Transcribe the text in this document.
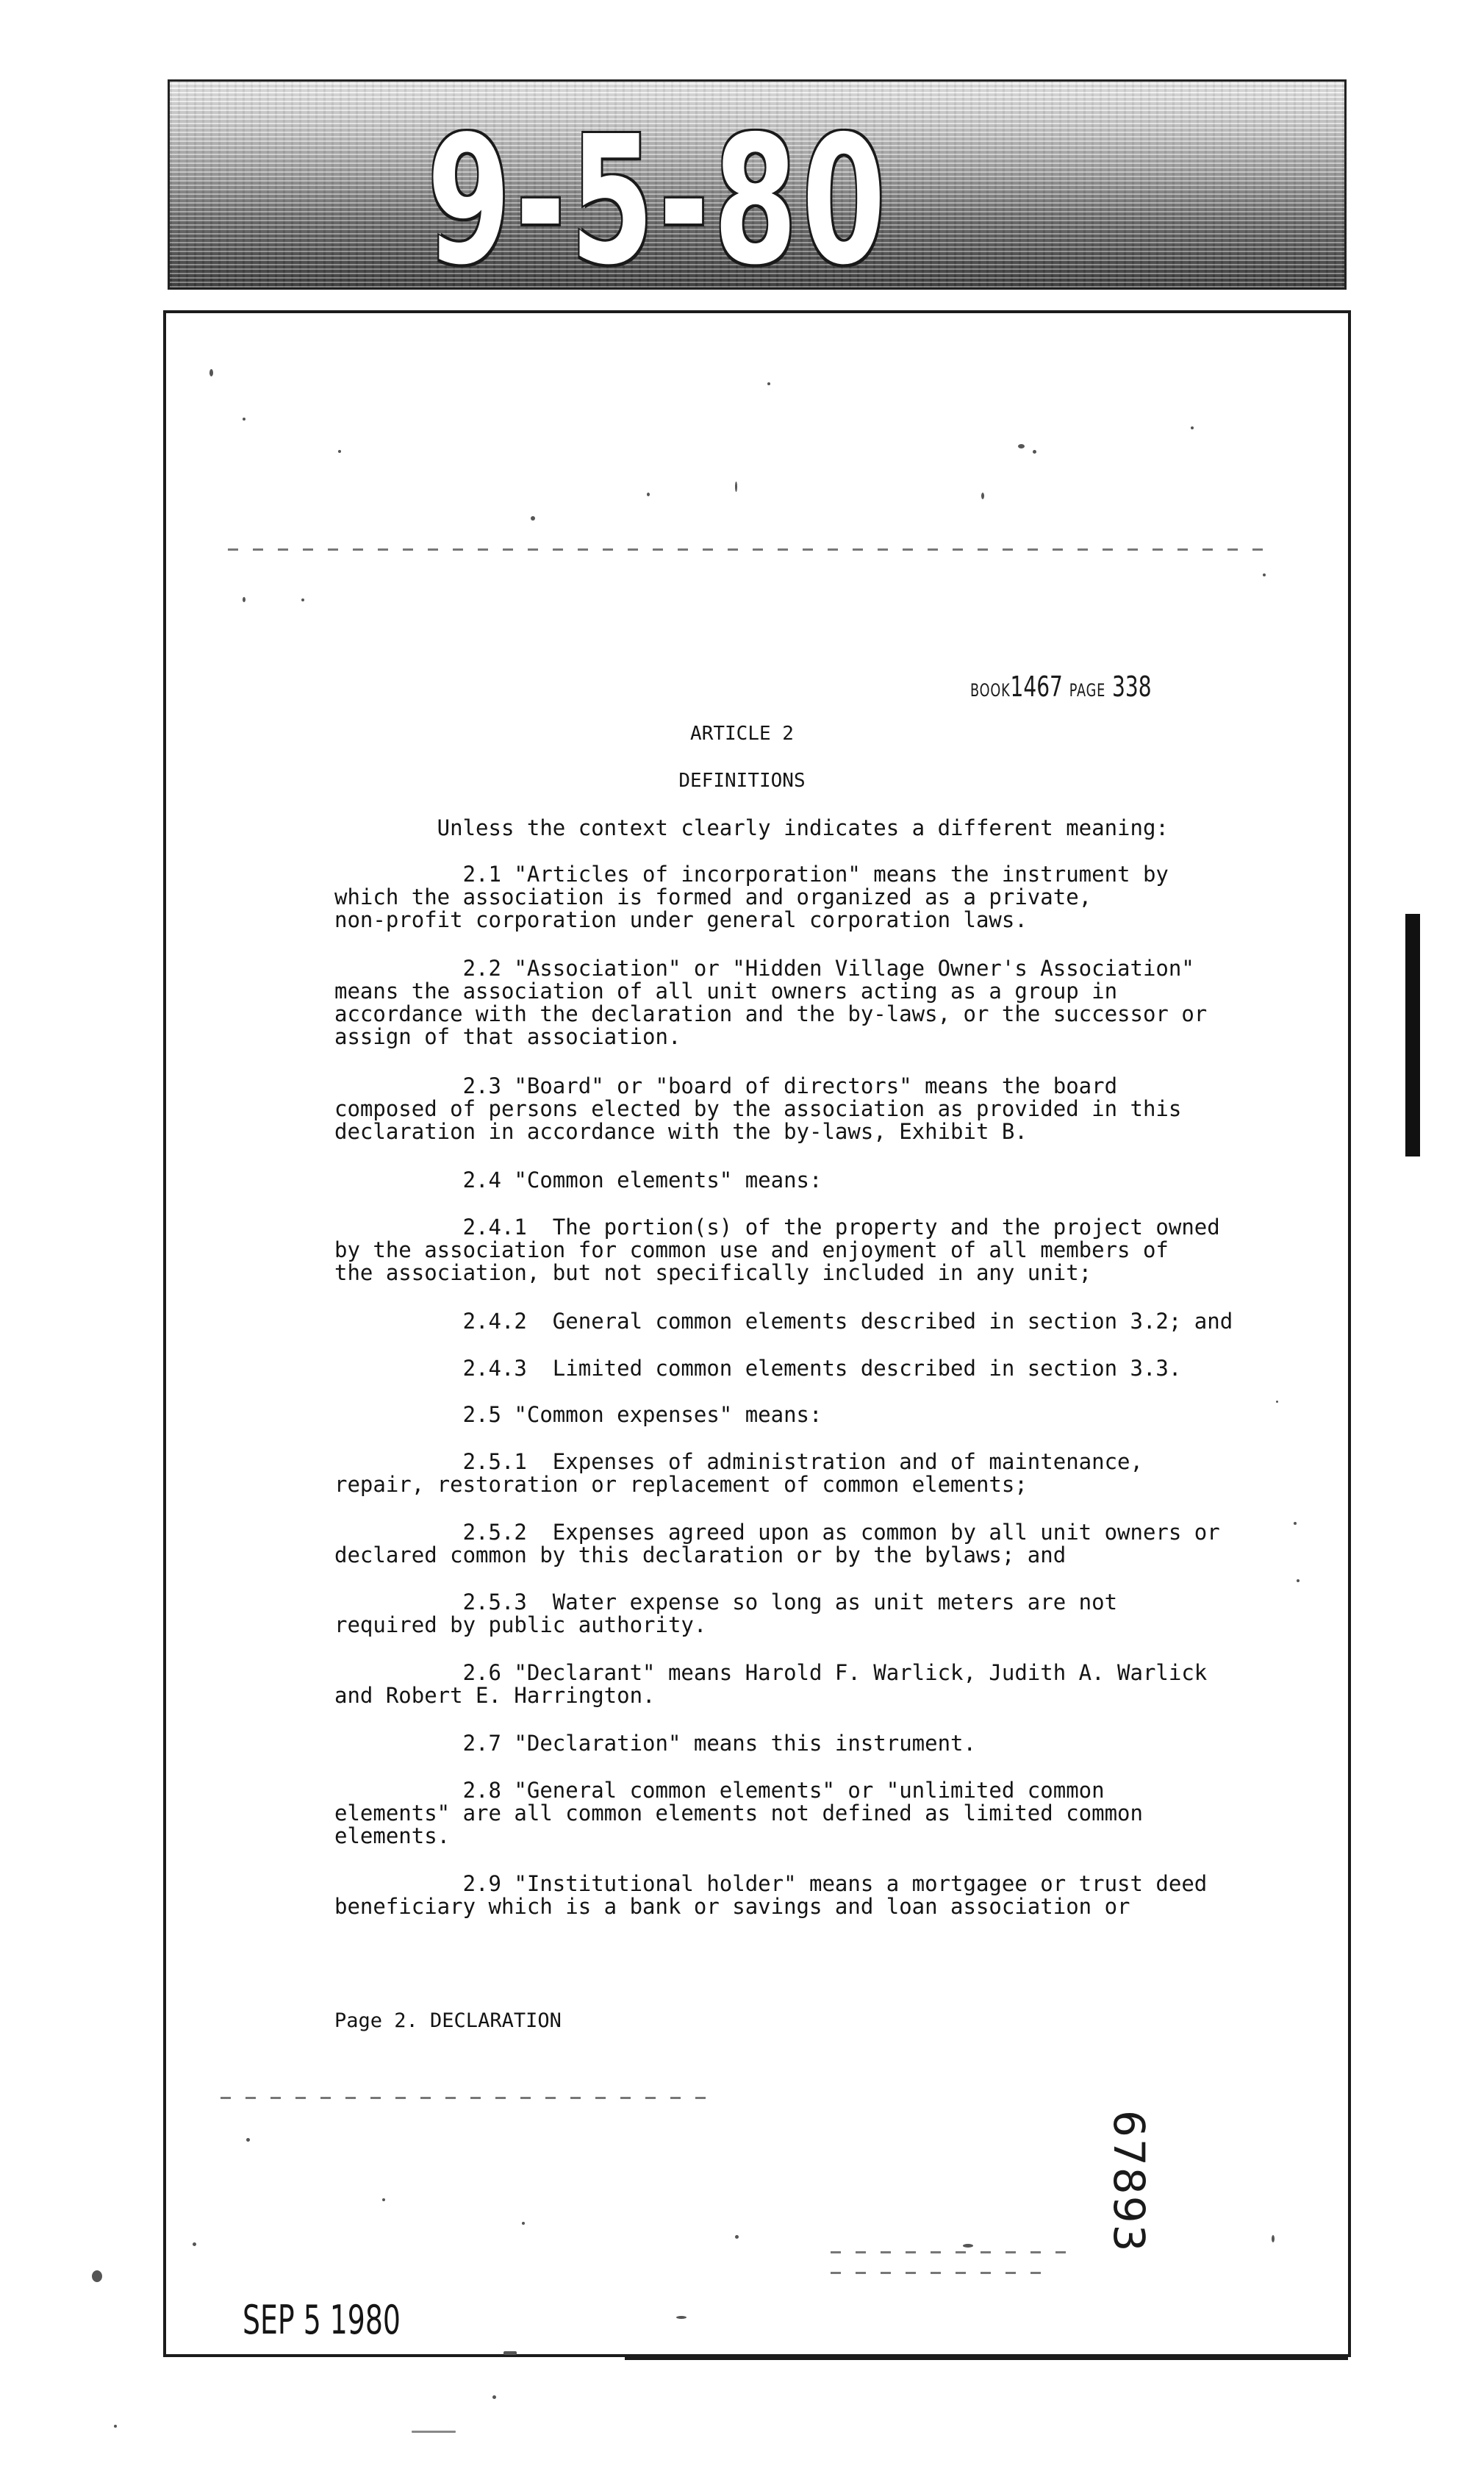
9-5-80
BOOK1467 PAGE 338
ARTICLE 2
DEFINITIONS
Unless the context clearly indicates a different meaning:
2.1 "Articles of incorporation" means the instrument by
which the association is formed and organized as a private,
non-profit corporation under general corporation laws.
2.2 "Association" or "Hidden Village Owner's Association"
means the association of all unit owners acting as a group in
accordance with the declaration and the by-laws, or the successor or
assign of that association.
2.3 "Board" or "board of directors" means the board
composed of persons elected by the association as provided in this
declaration in accordance with the by-laws, Exhibit B.
2.4 "Common elements" means:
2.4.1  The portion(s) of the property and the project owned
by the association for common use and enjoyment of all members of
the association, but not specifically included in any unit;
2.4.2  General common elements described in section 3.2; and
2.4.3  Limited common elements described in section 3.3.
2.5 "Common expenses" means:
2.5.1  Expenses of administration and of maintenance,
repair, restoration or replacement of common elements;
2.5.2  Expenses agreed upon as common by all unit owners or
declared common by this declaration or by the bylaws; and
2.5.3  Water expense so long as unit meters are not
required by public authority.
2.6 "Declarant" means Harold F. Warlick, Judith A. Warlick
and Robert E. Harrington.
2.7 "Declaration" means this instrument.
2.8 "General common elements" or "unlimited common
elements" are all common elements not defined as limited common
elements.
2.9 "Institutional holder" means a mortgagee or trust deed
beneficiary which is a bank or savings and loan association or
Page 2. DECLARATION
67893
SEP 5 1980
